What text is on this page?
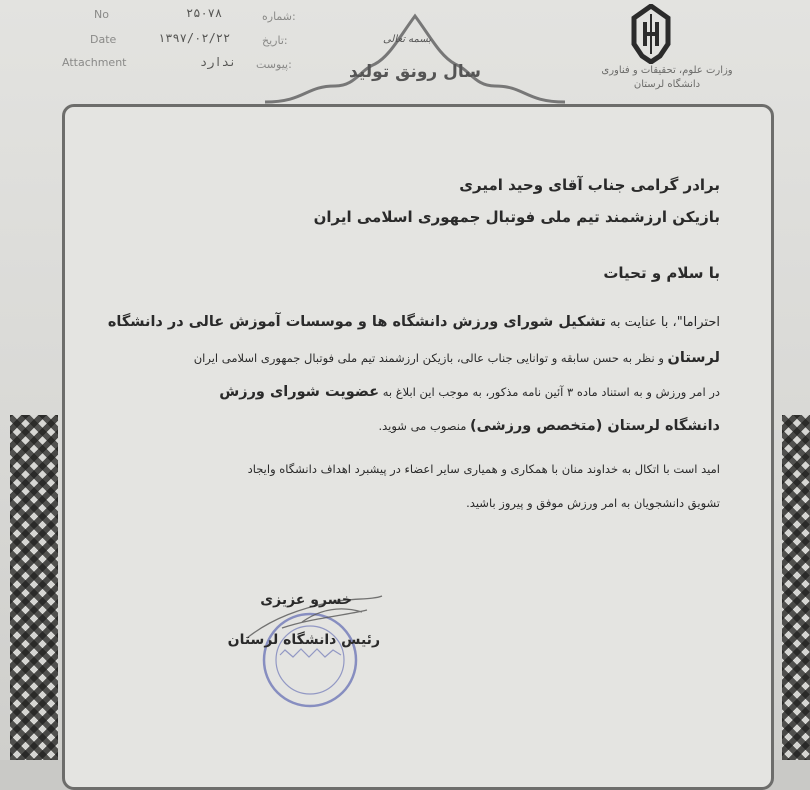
No	شماره:
۲۵۰۷۸
Date	تاریخ:
۱۳۹۷/۰۲/۲۲
Attachment	پیوست:
ندارد
بسمه تعالی
سال رونق تولید	وزارت علوم، تحقیقات و فناوری
دانشگاه لرستان
برادر گرامی جناب آقای وحید امیری
بازیکن ارزشمند تیم ملی فوتبال جمهوری اسلامی ایران
با سلام و تحیات
احتراما"، با عنایت به تشکیل شورای ورزش دانشگاه ها و موسسات آموزش عالی در دانشگاه
لرستان و نظر به حسن سابقه و توانایی جناب عالی، بازیکن ارزشمند تیم ملی فوتبال جمهوری اسلامی ایران
در امر ورزش و به استناد ماده ۳ آئین نامه مذکور، به موجب این ابلاغ به عضویت شورای ورزش
دانشگاه لرستان (متخصص ورزشی) منصوب می شوید.
امید است با اتکال به خداوند منان با همکاری و همیاری سایر اعضاء در پیشبرد اهداف دانشگاه وایجاد
تشویق دانشجویان به امر ورزش موفق و پیروز باشید.
خسرو عزیزی
رئیس دانشگاه لرستان
